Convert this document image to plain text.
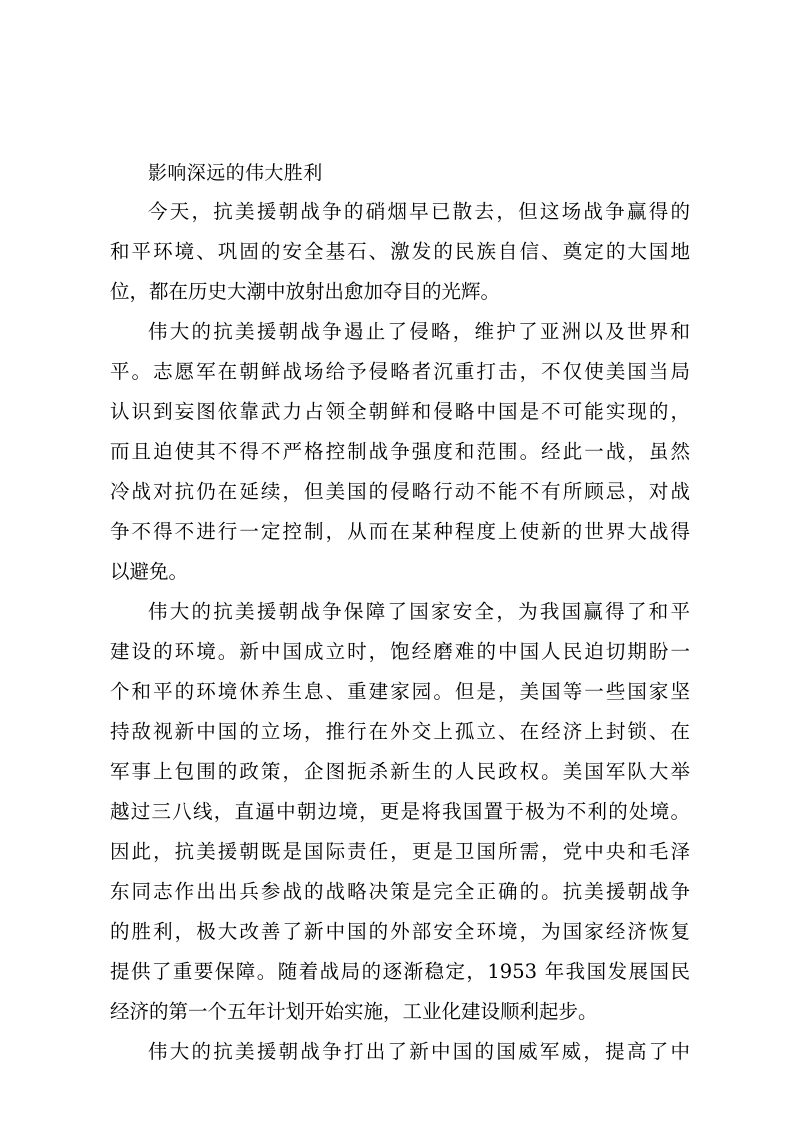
影响深远的伟大胜利
今天，抗美援朝战争的硝烟早已散去，但这场战争赢得的
和平环境、巩固的安全基石、激发的民族自信、奠定的大国地
位，都在历史大潮中放射出愈加夺目的光辉。
伟大的抗美援朝战争遏止了侵略，维护了亚洲以及世界和
平。志愿军在朝鲜战场给予侵略者沉重打击，不仅使美国当局
认识到妄图依靠武力占领全朝鲜和侵略中国是不可能实现的，
而且迫使其不得不严格控制战争强度和范围。经此一战，虽然
冷战对抗仍在延续，但美国的侵略行动不能不有所顾忌，对战
争不得不进行一定控制，从而在某种程度上使新的世界大战得
以避免。
伟大的抗美援朝战争保障了国家安全，为我国赢得了和平
建设的环境。新中国成立时，饱经磨难的中国人民迫切期盼一
个和平的环境休养生息、重建家园。但是，美国等一些国家坚
持敌视新中国的立场，推行在外交上孤立、在经济上封锁、在
军事上包围的政策，企图扼杀新生的人民政权。美国军队大举
越过三八线，直逼中朝边境，更是将我国置于极为不利的处境。
因此，抗美援朝既是国际责任，更是卫国所需，党中央和毛泽
东同志作出出兵参战的战略决策是完全正确的。抗美援朝战争
的胜利，极大改善了新中国的外部安全环境，为国家经济恢复
提供了重要保障。随着战局的逐渐稳定，1953 年我国发展国民
经济的第一个五年计划开始实施，工业化建设顺利起步。
伟大的抗美援朝战争打出了新中国的国威军威，提高了中
